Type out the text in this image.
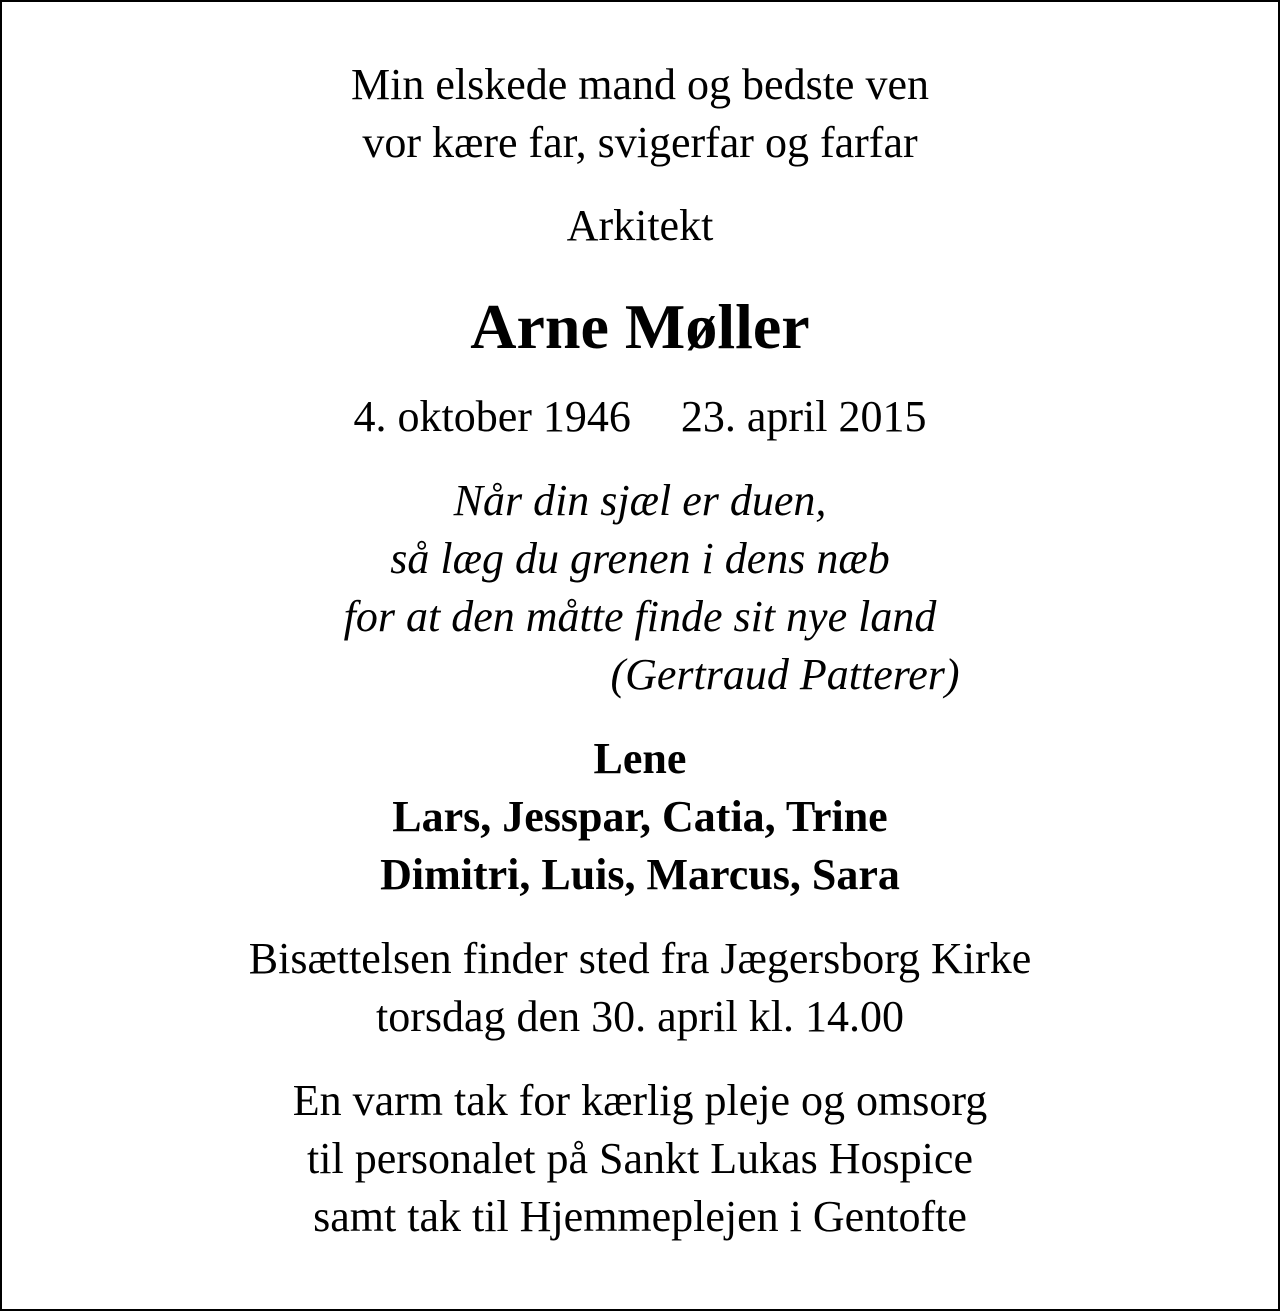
Min elskede mand og bedste ven
vor kære far, svigerfar og farfar
Arkitekt
Arne Møller
4. oktober 1946 23. april 2015
Når din sjæl er duen,
så læg du grenen i dens næb
for at den måtte finde sit nye land
(Gertraud Patterer)
Lene
Lars, Jesspar, Catia, Trine
Dimitri, Luis, Marcus, Sara
Bisættelsen finder sted fra Jægersborg Kirke
torsdag den 30. april kl. 14.00
En varm tak for kærlig pleje og omsorg
til personalet på Sankt Lukas Hospice
samt tak til Hjemmeplejen i Gentofte
